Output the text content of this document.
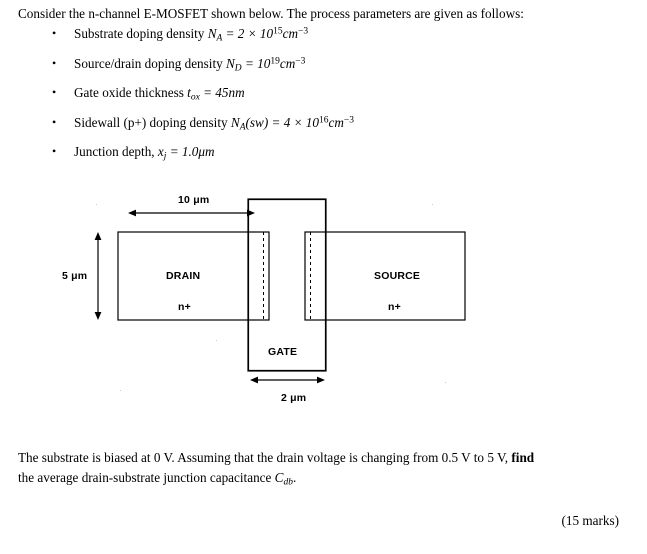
Consider the n-channel E-MOSFET shown below. The process parameters are given as follows:
• Substrate doping density $N_A = 2 \times 10^{15}cm^{-3}$
• Source/drain doping density $N_D = 10^{19}cm^{-3}$
• Gate oxide thickness $t_{ox} = 45nm$
• Sidewall (p+) doping density $N_A(sw) = 4 \times 10^{16}cm^{-3}$
• Junction depth, $x_j = 1.0\mu m$
10 μm
5 μm
2 μm
DRAIN
n+
SOURCE
n+
GATE
The substrate is biased at 0 V. Assuming that the drain voltage is changing from 0.5 V to 5 V, find
the average drain-substrate junction capacitance $C_{db}$.
(15 marks)
